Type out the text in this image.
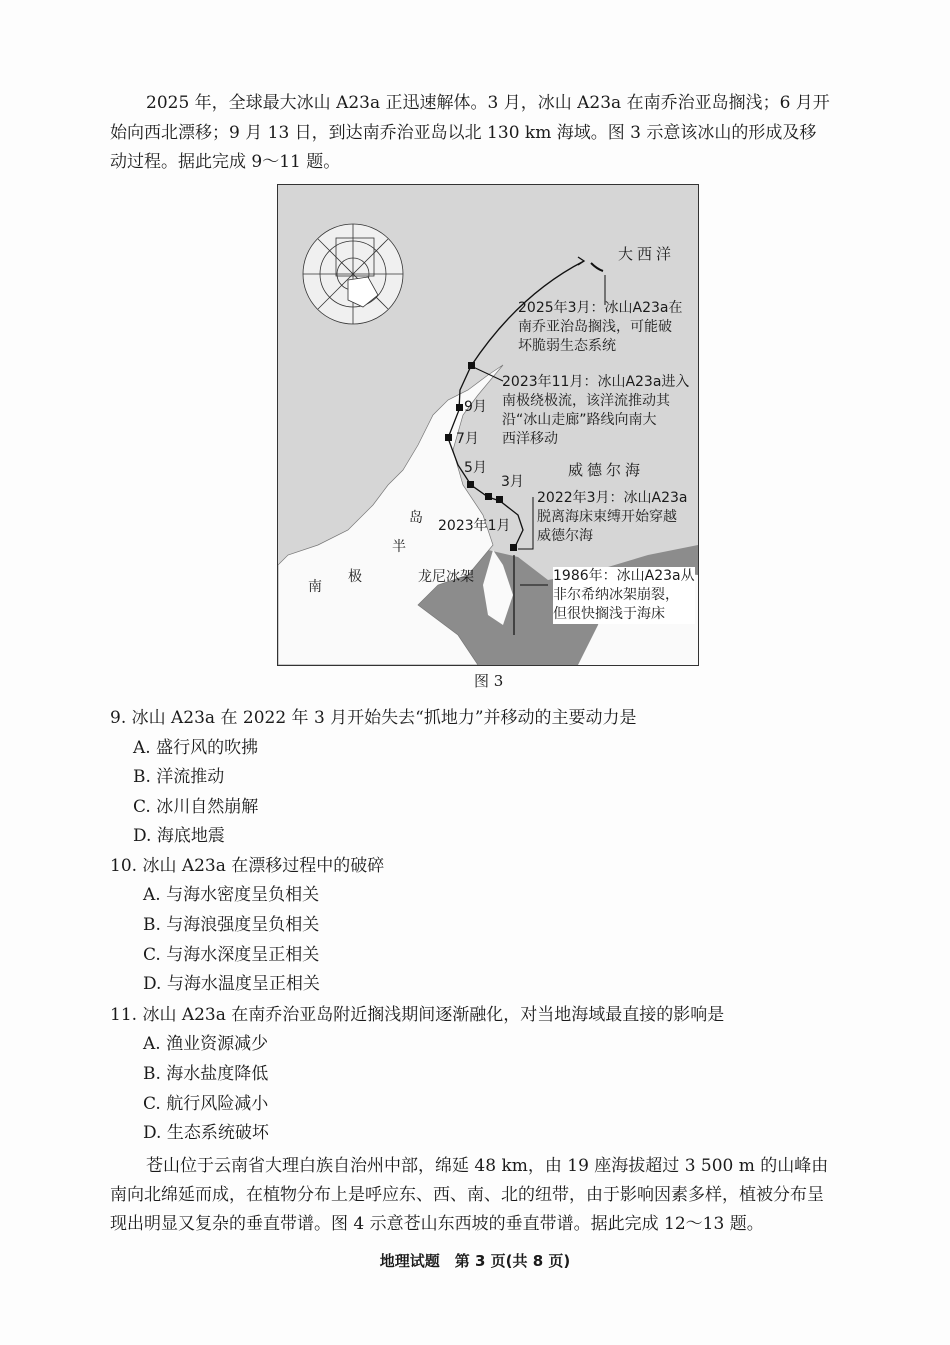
2025 年，全球最大冰山 A23a 正迅速解体。3 月，冰山 A23a 在南乔治亚岛搁浅；6 月开
始向西北漂移；9 月 13 日，到达南乔治亚岛以北 130 km 海域。图 3 示意该冰山的形成及移
动过程。据此完成 9～11 题。
大西洋
威德尔海
岛
半
南
极	龙尼冰架
9月
7月
5月
3月
2023年1月
2025年3月：冰山A23a在
南乔亚治岛搁浅，可能破
坏脆弱生态系统
2023年11月：冰山A23a进入
南极绕极流，该洋流推动其
沿“冰山走廊”路线向南大
西洋移动
2022年3月：冰山A23a
脱离海床束缚开始穿越
威德尔海
1986年：冰山A23a从
非尔希纳冰架崩裂，
但很快搁浅于海床
图 3
9. 冰山 A23a 在 2022 年 3 月开始失去“抓地力”并移动的主要动力是
A. 盛行风的吹拂
B. 洋流推动
C. 冰川自然崩解
D. 海底地震
10. 冰山 A23a 在漂移过程中的破碎
A. 与海水密度呈负相关
B. 与海浪强度呈负相关
C. 与海水深度呈正相关
D. 与海水温度呈正相关
11. 冰山 A23a 在南乔治亚岛附近搁浅期间逐渐融化，对当地海域最直接的影响是
A. 渔业资源减少
B. 海水盐度降低
C. 航行风险减小
D. 生态系统破坏
苍山位于云南省大理白族自治州中部，绵延 48 km，由 19 座海拔超过 3 500 m 的山峰由
南向北绵延而成，在植物分布上是呼应东、西、南、北的纽带，由于影响因素多样，植被分布呈
现出明显又复杂的垂直带谱。图 4 示意苍山东西坡的垂直带谱。据此完成 12～13 题。
地理试题　第 3 页(共 8 页)
